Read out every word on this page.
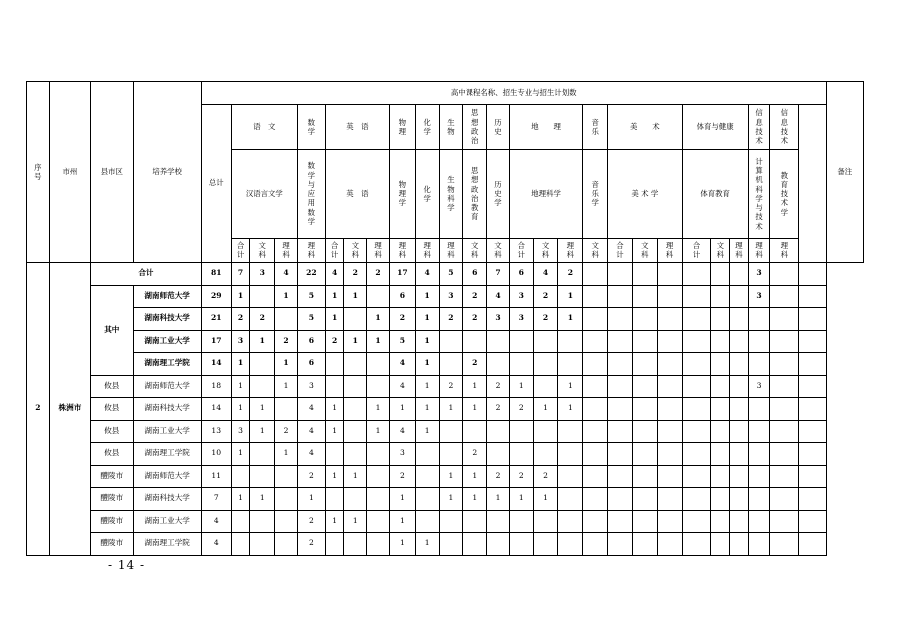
序号	市州	县市区	培养学校	高中课程名称、招生专业与招生计划数																										备注
				总计	语　文			数学	英　语			物理	化学	生物	思想政治	历史	地　　理			音乐	美　　术			体育与健康			信息技术	信息技术		
					汉语言文学			数学与应用数学	英　语			物理学	化学	生物科学	思想政治教育	历史学	地理科学			音乐学	美 术 学			体育教育			计算机科学与技术	教育技术学		
					合计	文科	理科	理科	合计	文科	理科	理科	理科	理科	文科	文科	合计	文科	理科	文科	合计	文科	理科	合计	文科	理科	理科	理科		
2	株洲市	合计		81	7	3	4	22	4	2	2	17	4	5	6	7	6	4	2								3			
		其中	湖南师范大学	29	1		1	5	1	1		6	1	3	2	4	3	2	1								3			
			湖南科技大学	21	2	2		5	1		1	2	1	2	2	3	3	2	1											
			湖南工业大学	17	3	1	2	6	2	1	1	5	1																	
			湖南理工学院	14	1		1	6				4	1		2															
		攸县	湖南师范大学	18	1		1	3				4	1	2	1	2	1		1								3			
		攸县	湖南科技大学	14	1	1		4	1		1	1	1	1	1	2	2	1	1											
		攸县	湖南工业大学	13	3	1	2	4	1		1	4	1																	
		攸县	湖南理工学院	10	1		1	4				3			2															
		醴陵市	湖南师范大学	11				2	1	1		2		1	1	2	2	2												
		醴陵市	湖南科技大学	7	1	1		1				1		1	1	1	1	1												
		醴陵市	湖南工业大学	4				2	1	1		1																		
		醴陵市	湖南理工学院	4				2				1	1																	
- 14 -
